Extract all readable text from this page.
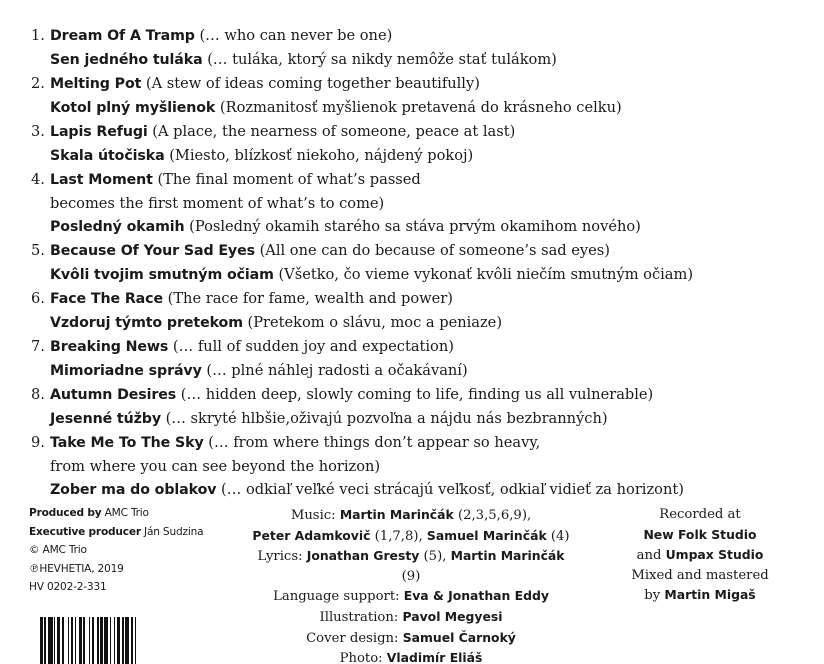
1. Dream Of A Tramp (… who can never be one)
Sen jedného tuláka (… tuláka, ktorý sa nikdy nemôže stať tulákom)
2. Melting Pot (A stew of ideas coming together beautifully)
Kotol plný myšlienok (Rozmanitosť myšlienok pretavená do krásneho celku)
3. Lapis Refugi (A place, the nearness of someone, peace at last)
Skala útočiska (Miesto, blízkosť niekoho, nájdený pokoj)
4. Last Moment (The final moment of what’s passed
becomes the first moment of what’s to come)
Posledný okamih (Posledný okamih starého sa stáva prvým okamihom nového)
5. Because Of Your Sad Eyes (All one can do because of someone’s sad eyes)
Kvôli tvojim smutným očiam (Všetko, čo vieme vykonať kvôli niečím smutným očiam)
6. Face The Race (The race for fame, wealth and power)
Vzdoruj týmto pretekom (Pretekom o slávu, moc a peniaze)
7. Breaking News (… full of sudden joy and expectation)
Mimoriadne správy (… plné náhlej radosti a očakávaní)
8. Autumn Desires (… hidden deep, slowly coming to life, finding us all vulnerable)
Jesenné túžby (… skryté hlbšie,oživajú pozvoľna a nájdu nás bezbranných)
9. Take Me To The Sky (… from where things don’t appear so heavy,
from where you can see beyond the horizon)
Zober ma do oblakov (… odkiaľ veľké veci strácajú veľkosť, odkiaľ vidieť za horizont)
Produced by AMC Trio
Executive producer Ján Sudzina
© AMC Trio
℗HEVHETIA, 2019
HV 0202-2-331
Music: Martin Marinčák (2,3,5,6,9),
Peter Adamkovič (1,7,8), Samuel Marinčák (4)
Lyrics: Jonathan Gresty (5), Martin Marinčák (9)
Language support: Eva & Jonathan Eddy
Illustration: Pavol Megyesi
Cover design: Samuel Čarnoký
Photo: Vladimír Eliáš
Recorded at
New Folk Studio
and Umpax Studio
Mixed and mastered
by Martin Migaš
